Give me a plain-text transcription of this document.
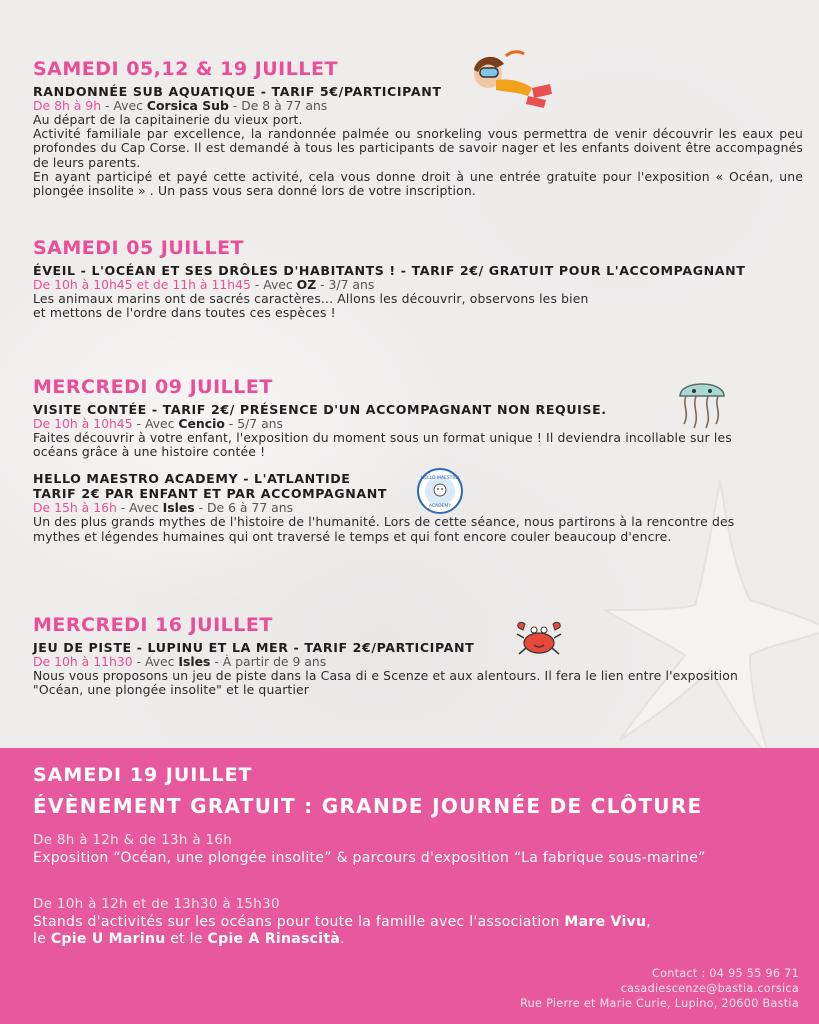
SAMEDI 05,12 & 19 JUILLET

RANDONNÉE SUB AQUATIQUE - TARIF 5€/PARTICIPANT

De 8h à 9h - Avec Corsica Sub - De 8 à 77 ans

Au départ de la capitainerie du vieux port.

Activité familiale par excellence, la randonnée palmée ou snorkeling vous permettra de venir découvrir les eaux peu profondes du Cap Corse. Il est demandé à tous les participants de savoir nager et les enfants doivent être accompagnés de leurs parents.

En ayant participé et payé cette activité, cela vous donne droit à une entrée gratuite pour l'exposition « Océan, une plongée insolite » . Un pass vous sera donné lors de votre inscription.

SAMEDI 05 JUILLET

ÉVEIL - L'OCÉAN ET SES DRÔLES D'HABITANTS ! - TARIF 2€/ GRATUIT POUR L'ACCOMPAGNANT

De 10h à 10h45 et de 11h à 11h45 - Avec OZ - 3/7 ans

Les animaux marins ont de sacrés caractères... Allons les découvrir, observons les bien

et mettons de l'ordre dans toutes ces espèces !

MERCREDI 09 JUILLET

VISITE CONTÉE - TARIF 2€/ PRÉSENCE D'UN ACCOMPAGNANT NON REQUISE.

De 10h à 10h45 - Avec Cencio - 5/7 ans

Faites découvrir à votre enfant, l'exposition du moment sous un format unique ! Il deviendra incollable sur les océans grâce à une histoire contée !

HELLO MAESTRO ACADEMY - L'ATLANTIDE

TARIF 2€ PAR ENFANT ET PAR ACCOMPAGNANT

De 15h à 16h - Avec Isles - De 6 à 77 ans

Un des plus grands mythes de l'histoire de l'humanité. Lors de cette séance, nous partirons à la rencontre des mythes et légendes humaines qui ont traversé le temps et qui font encore couler beaucoup d'encre.

HELLO MAESTRO
ACADEMY

MERCREDI 16 JUILLET

JEU DE PISTE - LUPINU ET LA MER - TARIF 2€/PARTICIPANT

De 10h à 11h30 - Avec Isles - À partir de 9 ans

Nous vous proposons un jeu de piste dans la Casa di e Scenze et aux alentours. Il fera le lien entre l'exposition "Océan, une plongée insolite" et le quartier

SAMEDI 19 JUILLET

ÉVÈNEMENT GRATUIT : GRANDE JOURNÉE DE CLÔTURE

De 8h à 12h & de 13h à 16h

Exposition “Océan, une plongée insolite” & parcours d'exposition “La fabrique sous-marine”

De 10h à 12h et de 13h30 à 15h30

Stands d'activités sur les océans pour toute la famille avec l'association Mare Vivu,
le Cpie U Marinu et le Cpie A Rinascità.

Contact : 04 95 55 96 71
casadiescenze@bastia.corsica
Rue Pierre et Marie Curie, Lupino, 20600 Bastia
